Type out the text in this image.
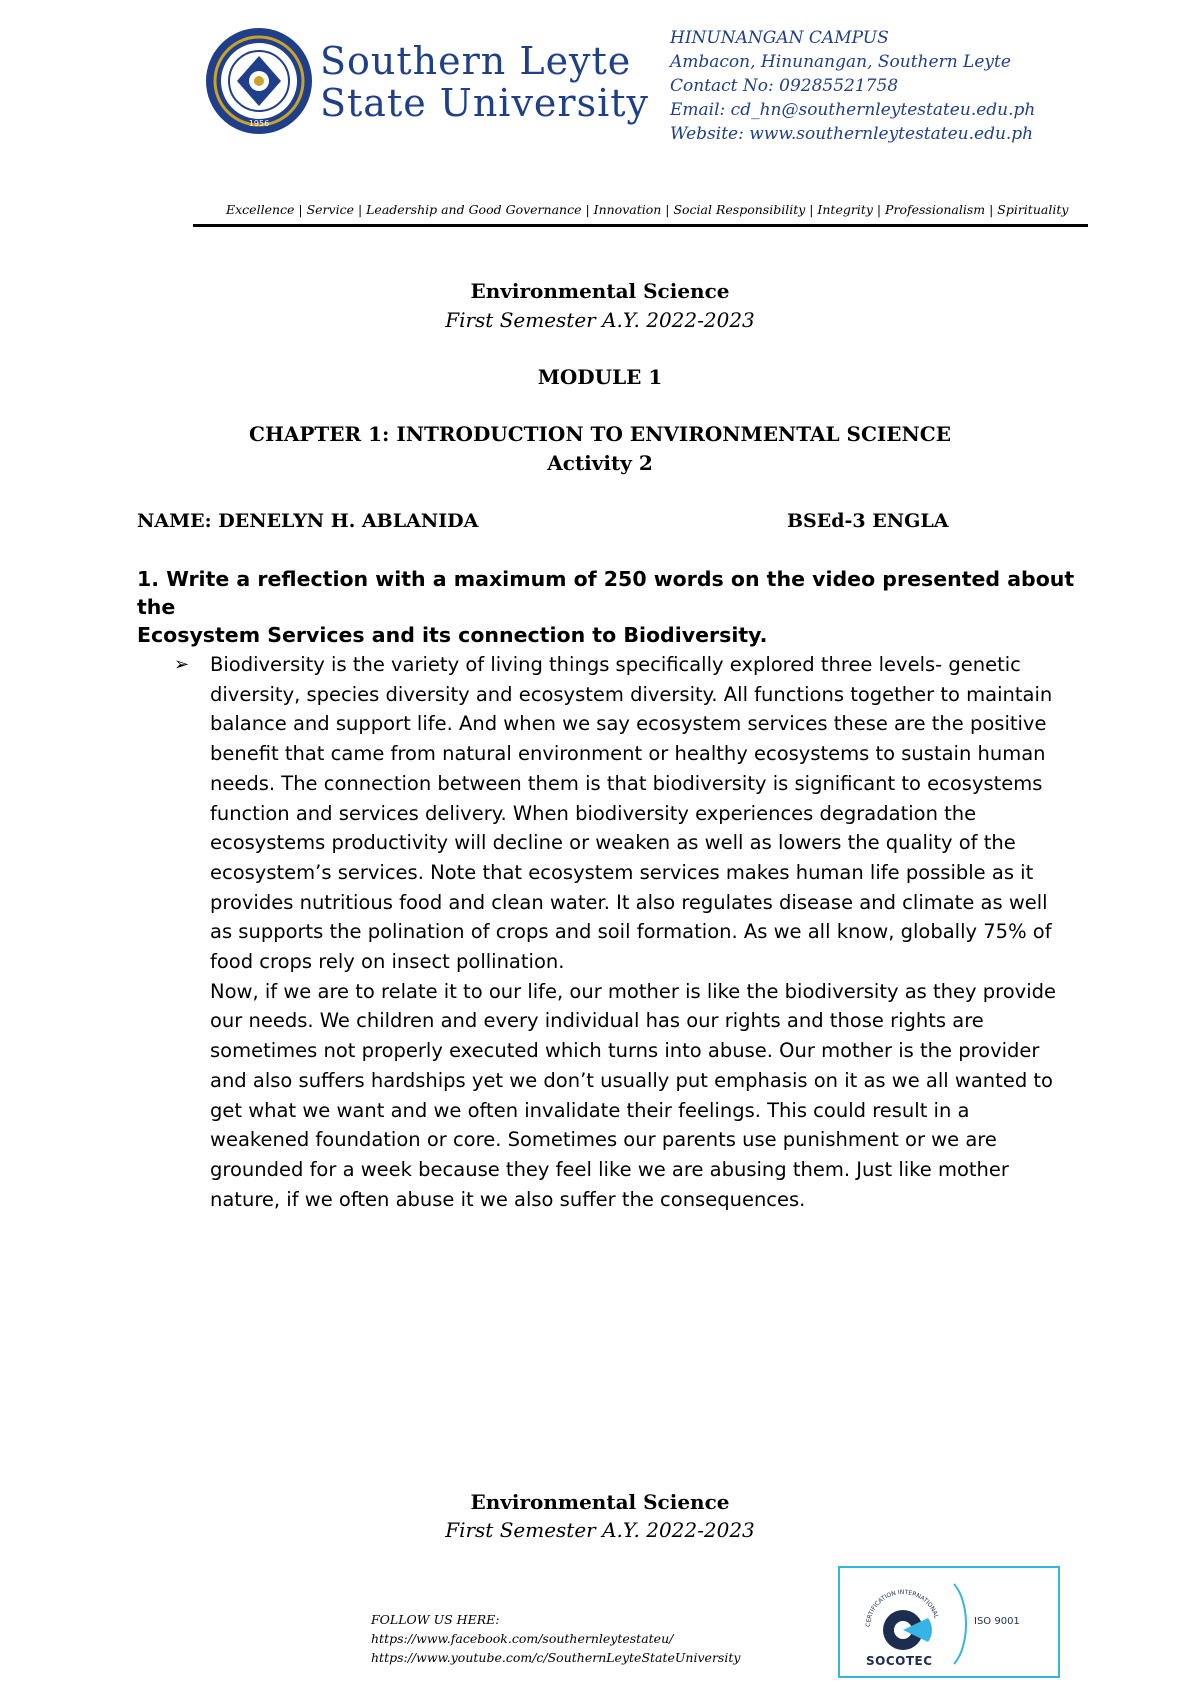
1956
Southern Leyte
State University
HINUNANGAN CAMPUS
Ambacon, Hinunangan, Southern Leyte
Contact No: 09285521758
Email: cd_hn@southernleytestateu.edu.ph
Website: www.southernleytestateu.edu.ph
Excellence | Service | Leadership and Good Governance | Innovation | Social Responsibility | Integrity | Professionalism | Spirituality
Environmental Science
First Semester A.Y. 2022-2023
MODULE 1
CHAPTER 1: INTRODUCTION TO ENVIRONMENTAL SCIENCE
Activity 2
NAME: DENELYN H. ABLANIDA	BSEd-3 ENGLA
1. Write a reflection with a maximum of 250 words on the video presented about
the
Ecosystem Services and its connection to Biodiversity.
➢ Biodiversity is the variety of living things specifically explored three levels- genetic
diversity, species diversity and ecosystem diversity. All functions together to maintain
balance and support life. And when we say ecosystem services these are the positive
benefit that came from natural environment or healthy ecosystems to sustain human
needs. The connection between them is that biodiversity is significant to ecosystems
function and services delivery. When biodiversity experiences degradation the
ecosystems productivity will decline or weaken as well as lowers the quality of the
ecosystem’s services. Note that ecosystem services makes human life possible as it
provides nutritious food and clean water. It also regulates disease and climate as well
as supports the polination of crops and soil formation. As we all know, globally 75% of
food crops rely on insect pollination.
Now, if we are to relate it to our life, our mother is like the biodiversity as they provide
our needs. We children and every individual has our rights and those rights are
sometimes not properly executed which turns into abuse. Our mother is the provider
and also suffers hardships yet we don’t usually put emphasis on it as we all wanted to
get what we want and we often invalidate their feelings. This could result in a
weakened foundation or core. Sometimes our parents use punishment or we are
grounded for a week because they feel like we are abusing them. Just like mother
nature, if we often abuse it we also suffer the consequences.
Environmental Science
First Semester A.Y. 2022-2023
FOLLOW US HERE:
https://www.facebook.com/southernleytestateu/
https://www.youtube.com/c/SouthernLeyteStateUniversity
CERTIFICATION INTERNATIONAL
SOCOTEC
ISO 9001
